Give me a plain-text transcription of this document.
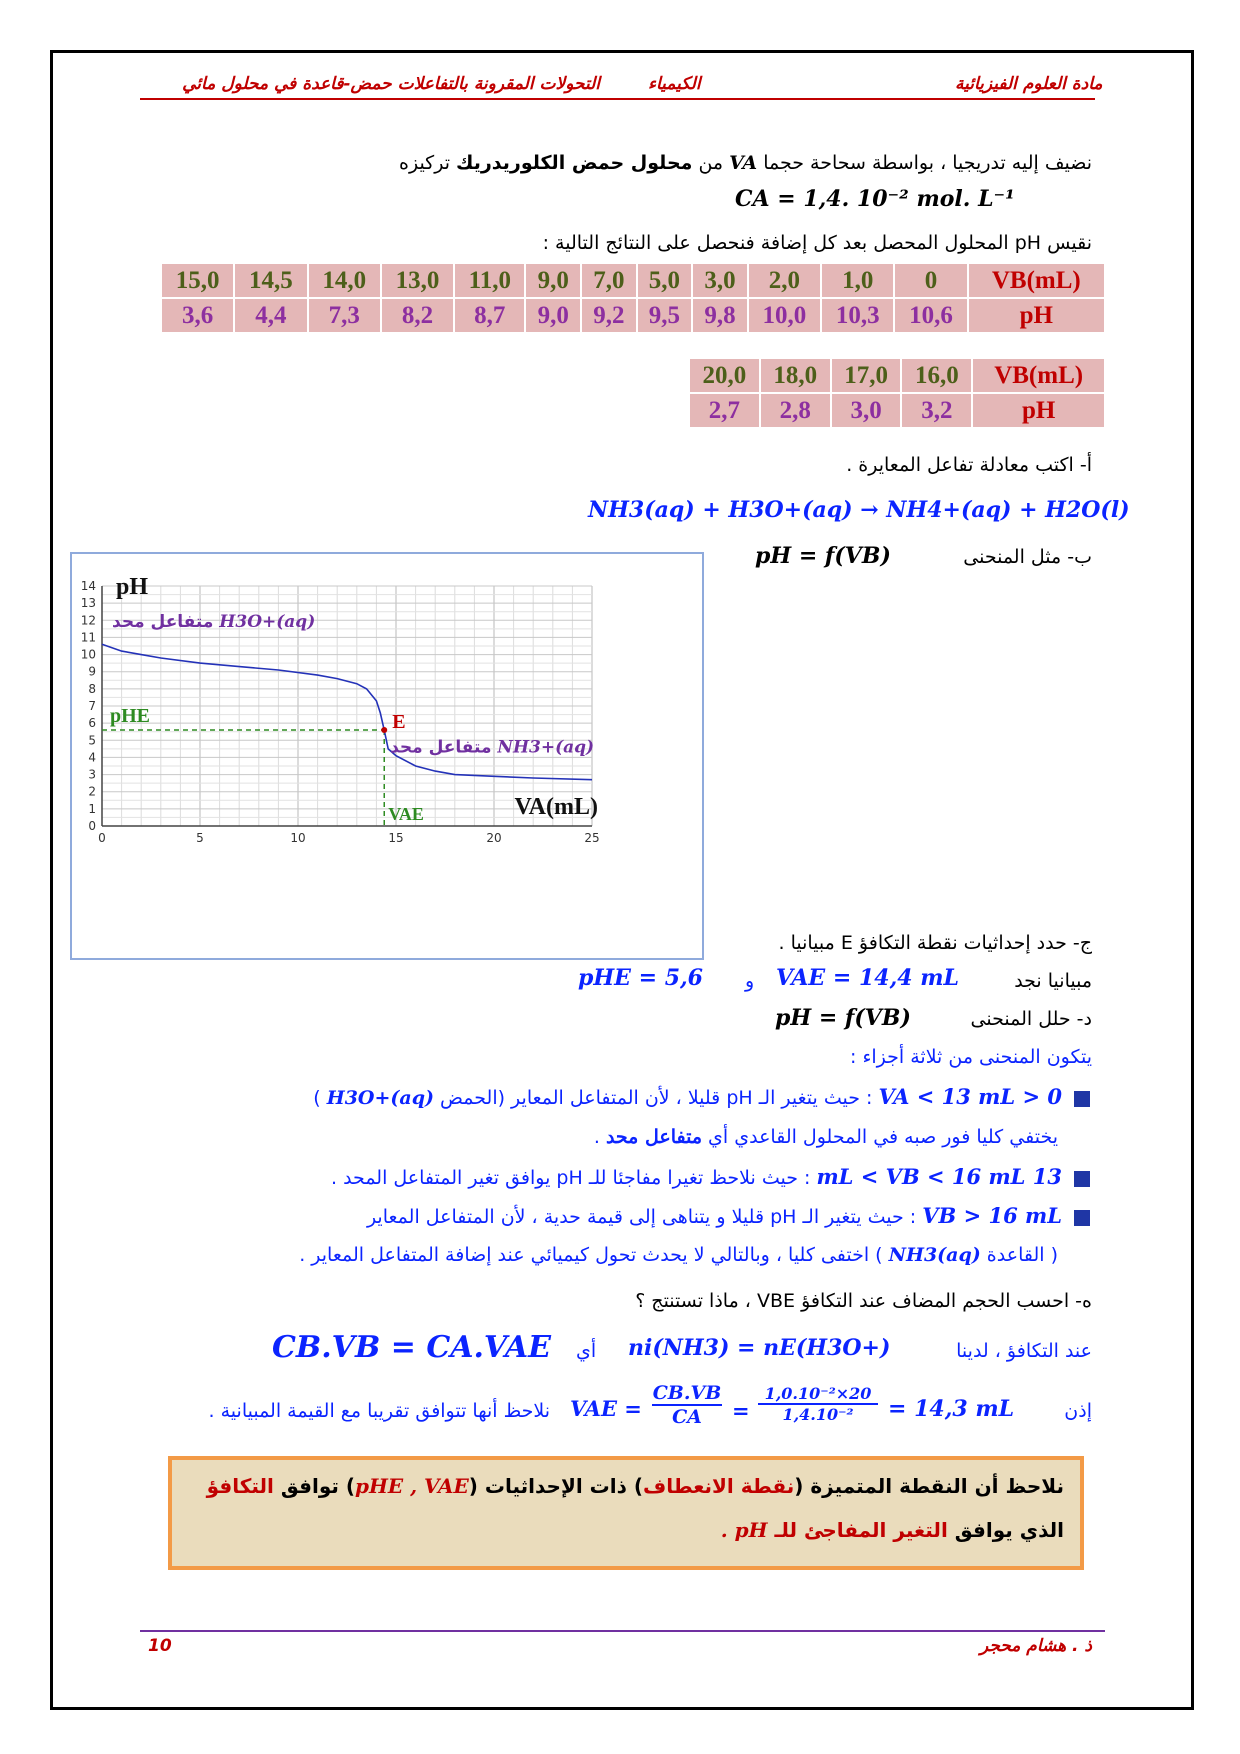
مادة العلوم الفيزيائية
الكيمياء
التحولات المقرونة بالتفاعلات حمض-قاعدة في محلول مائي
نضيف إليه تدريجيا ، بواسطة سحاحة حجما VA من محلول حمض الكلوريدريك تركيزه
CA = 1,4. 10⁻² mol. L⁻¹
نقيس pH المحلول المحصل بعد كل إضافة فنحصل على النتائج التالية :
15,0	14,5	14,0	13,0	11,0	9,0	7,0	5,0	3,0	2,0	1,0	0	VB(mL)
3,6	4,4	7,3	8,2	8,7	9,0	9,2	9,5	9,8	10,0	10,3	10,6	pH
20,0	18,0	17,0	16,0	VB(mL)
2,7	2,8	3,0	3,2	pH
أ- اكتب معادلة تفاعل المعايرة .
NH3(aq) + H3O+(aq) → NH4+(aq) + H2O(l)
ب- مثل المنحنى
pH = f(VB)
0	5	10	15	20	25
0
1
2
3
4
5
6
7
8
9
10
11
12
13
14 pH
VA(mL)
E
pHE
VAE
متفاعل محد H3O+(aq)
متفاعل محد NH3+(aq)
ج- حدد إحداثيات نقطة التكافؤ E مبيانيا .
مبيانيا نجد
VAE = 14,4 mL
و
pHE = 5,6
د- حلل المنحنى
pH = f(VB)
يتكون المنحنى من ثلاثة أجزاء :
0 < VA < 13 mL : حيث يتغير الـ pH قليلا ، لأن المتفاعل المعاير (الحمض H3O+(aq) )
يختفي كليا فور صبه في المحلول القاعدي أي متفاعل محد .
13 mL < VB < 16 mL : حيث نلاحظ تغيرا مفاجئا للـ pH يوافق تغير المتفاعل المحد .
VB > 16 mL : حيث يتغير الـ pH قليلا و يتناهى إلى قيمة حدية ، لأن المتفاعل المعاير
( القاعدة NH3(aq) ) اختفى كليا ، وبالتالي لا يحدث تحول كيميائي عند إضافة المتفاعل المعاير .
ه- احسب الحجم المضاف عند التكافؤ VBE ، ماذا تستنتج ؟
عند التكافؤ ، لدينا
ni(NH3) = nE(H3O+)
أي
CB.VB = CA.VAE
إذن
VAE =
CB.VB
CA	=
1,0.10⁻²×20
1,4.10⁻²	= 14,3 mL
نلاحظ أنها تتوافق تقريبا مع القيمة المبيانية .
نلاحظ أن النقطة المتميزة (نقطة الانعطاف) ذات الإحداثيات (pHE , VAE) توافق التكافؤ
الذي يوافق التغير المفاجئ للـ pH .
ذ . هشام محجر
10
